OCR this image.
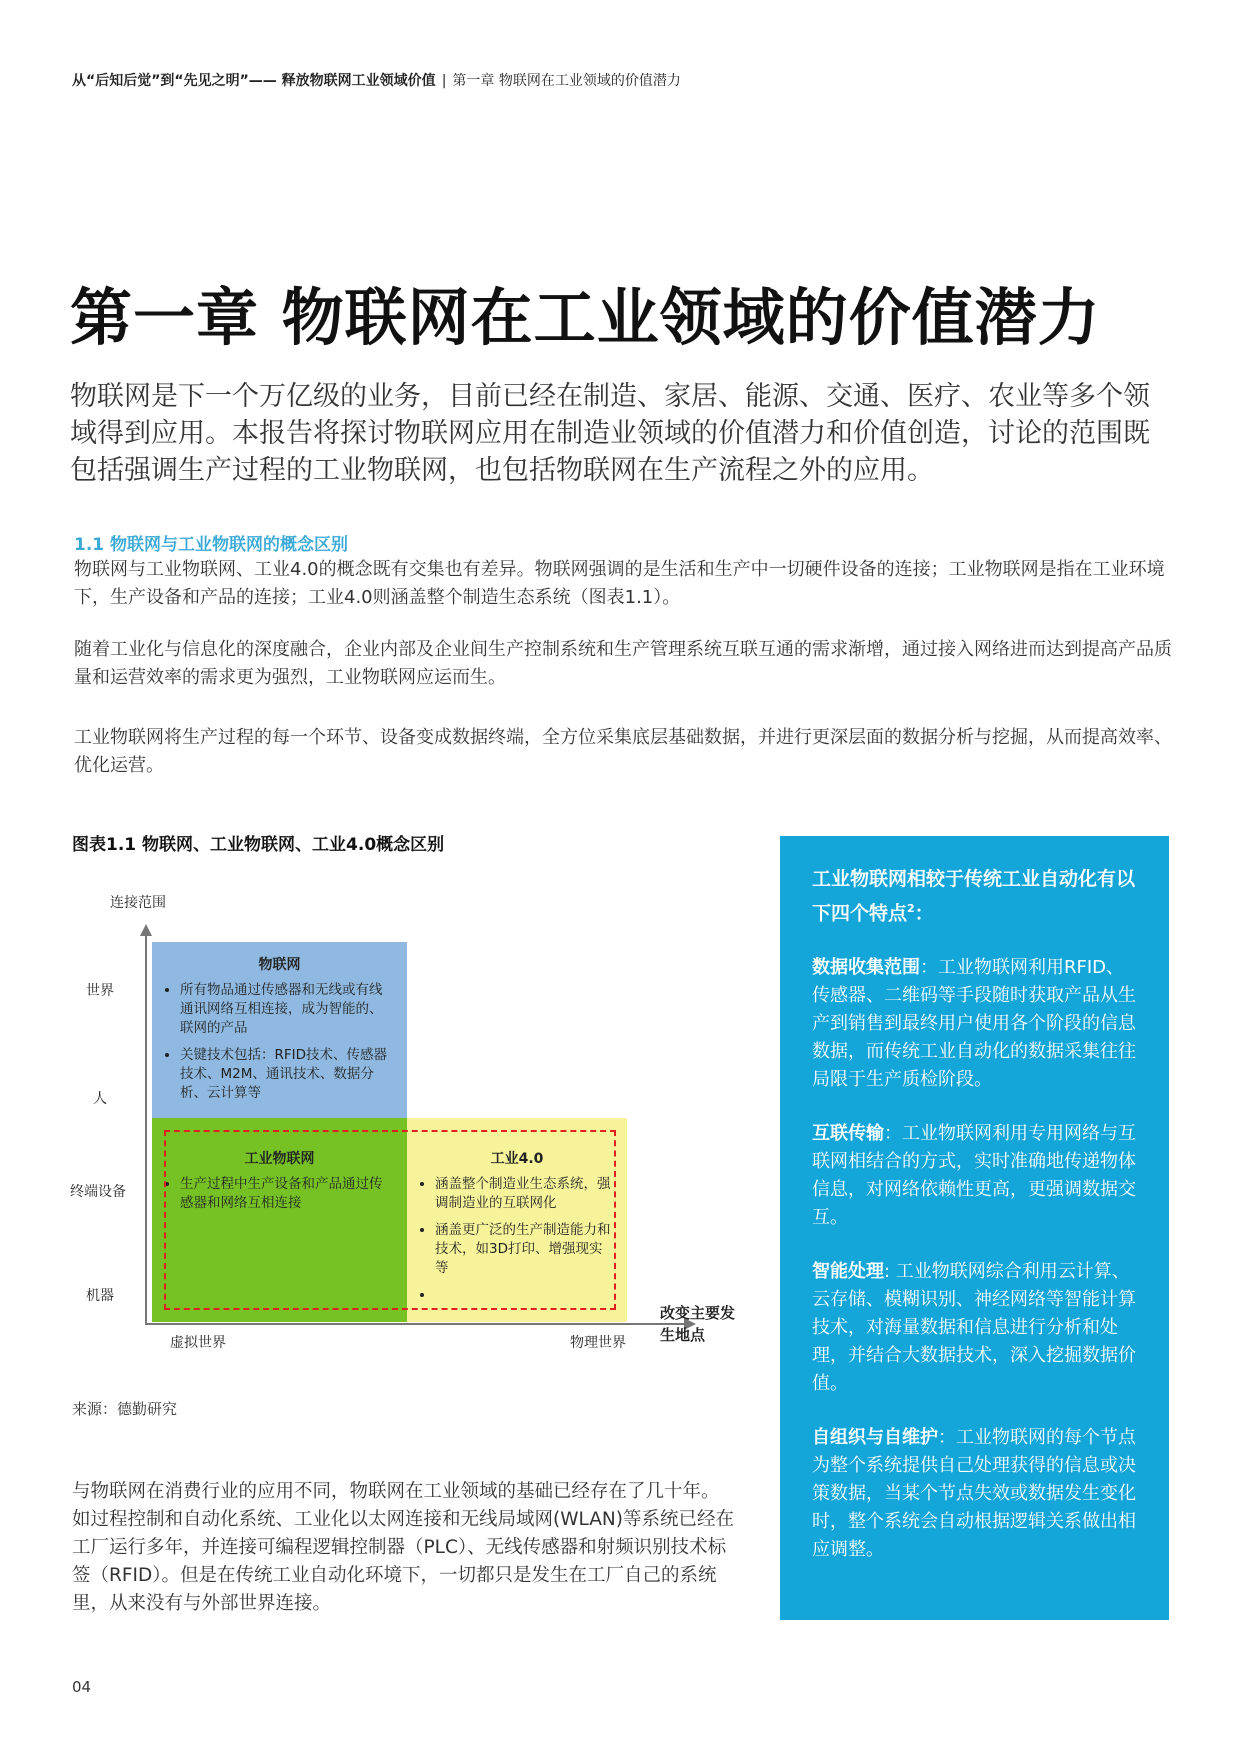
从“后知后觉”到“先见之明”—— 释放物联网工业领域价值 | 第一章 物联网在工业领域的价值潜力
第一章 物联网在工业领域的价值潜力
物联网是下一个万亿级的业务，目前已经在制造、家居、能源、交通、医疗、农业等多个领域得到应用。本报告将探讨物联网应用在制造业领域的价值潜力和价值创造，讨论的范围既包括强调生产过程的工业物联网，也包括物联网在生产流程之外的应用。
1.1 物联网与工业物联网的概念区别
物联网与工业物联网、工业4.0的概念既有交集也有差异。物联网强调的是生活和生产中一切硬件设备的连接；工业物联网是指在工业环境下，生产设备和产品的连接；工业4.0则涵盖整个制造生态系统（图表1.1）。
随着工业化与信息化的深度融合，企业内部及企业间生产控制系统和生产管理系统互联互通的需求渐增，通过接入网络进而达到提高产品质量和运营效率的需求更为强烈，工业物联网应运而生。
工业物联网将生产过程的每一个环节、设备变成数据终端，全方位采集底层基础数据，并进行更深层面的数据分析与挖掘，从而提高效率、优化运营。
图表1.1 物联网、工业物联网、工业4.0概念区别
连接范围
世界
人
终端设备
机器
虚拟世界	物理世界
改变主要发生地点
物联网
• 所有物品通过传感器和无线或有线通讯网络互相连接，成为智能的、联网的产品
• 关键技术包括：RFID技术、传感器技术、M2M、通讯技术、数据分析、云计算等
工业物联网
• 生产过程中生产设备和产品通过传感器和网络互相连接
工业4.0
• 涵盖整个制造业生态系统，强调制造业的互联网化
• 涵盖更广泛的生产制造能力和技术，如3D打印、增强现实等
•
来源：德勤研究
与物联网在消费行业的应用不同，物联网在工业领域的基础已经存在了几十年。如过程控制和自动化系统、工业化以太网连接和无线局域网(WLAN)等系统已经在工厂运行多年，并连接可编程逻辑控制器（PLC）、无线传感器和射频识别技术标签（RFID）。但是在传统工业自动化环境下，一切都只是发生在工厂自己的系统里，从来没有与外部世界连接。
工业物联网相较于传统工业自动化有以下四个特点$^2$：
数据收集范围：工业物联网利用RFID、传感器、二维码等手段随时获取产品从生产到销售到最终用户使用各个阶段的信息数据，而传统工业自动化的数据采集往往局限于生产质检阶段。
互联传输：工业物联网利用专用网络与互联网相结合的方式，实时准确地传递物体信息，对网络依赖性更高，更强调数据交互。
智能处理: 工业物联网综合利用云计算、云存储、模糊识别、神经网络等智能计算技术，对海量数据和信息进行分析和处理，并结合大数据技术，深入挖掘数据价值。
自组织与自维护：工业物联网的每个节点为整个系统提供自己处理获得的信息或决策数据，当某个节点失效或数据发生变化时，整个系统会自动根据逻辑关系做出相应调整。
04
